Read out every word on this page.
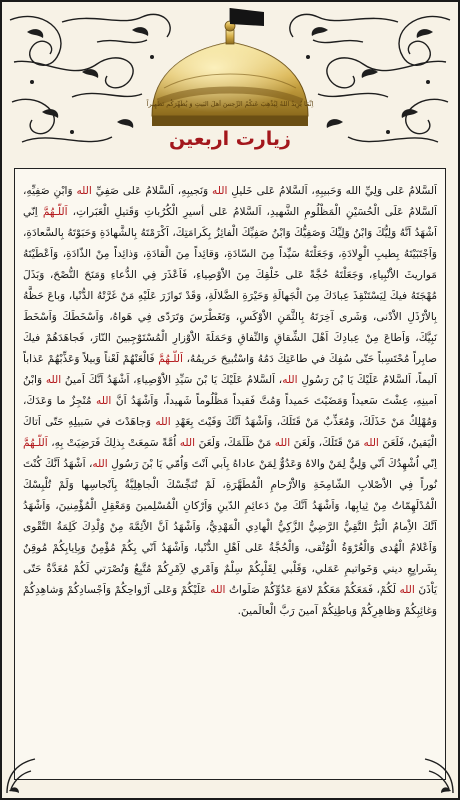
اِنَّمَا يُرِيدُ اللهُ لِيُذْهِبَ عَنكُمُ الرِّجسَ اَهلَ البَيتِ وَ يُطَهِّرَكُم تَطهِيراً
زيارت اربعين

اَلسَّلامُ عَلى وَلِيِّ الله وَحَبيبِهِ، اَلسَّلامُ عَلى خَليلِ الله وَنَجيبِهِ، اَلسَّلامُ عَلى صَفِيِّ الله وَابْنِ صَفِيِّهِ، اَلسَّلامُ عَلَى الْحُسَيْنِ الْمَظْلُومِ الشَّهيدِ، اَلسَّلامُ عَلى أسيرِ الْكُرُباتِ وَقَتيلِ الْعَبَراتِ، اَللّـهُمَّ اِنّي اَشْهَدُ اَنَّهُ وَلِيُّكَ وَابْنُ وَلِيِّكَ وَصَفِيُّكَ وَابْنُ صَفِيِّكَ الْفائِزُ بِكَرامَتِكَ، اَكْرَمْتَهُ بِالشَّهادَةِ وَحَبَوْتَهُ بِالسَّعادَةِ، وَاَجْتَبَيْتَهُ بِطيبِ الْوِلادَةِ، وَجَعَلْتَهُ سَيِّداً مِنَ السّادَةِ، وَقائِداً مِنَ الْقادَةِ، وَذائِداً مِنْ الذّادَةِ، وَاَعْطَيْتَهُ مَواريثَ الاَْنْبِياءِ، وَجَعَلْتَهُ حُجَّةً عَلى خَلْقِكَ مِنَ الاَْوْصِياءِ، فَاَعْذَرَ فِي الدُّعاءِ وَمَنَحَ النُّصْحَ، وَبَذَلَ مُهْجَتَهُ فيكَ لِيَسْتَنْقِذَ عِبادَكَ مِنَ الْجَهالَةِ وَحَيْرَةِ الضَّلالَةِ، وَقَدْ تَوازَرَ عَلَيْهِ مَنْ غَرَّتْهُ الدُّنْيا، وَباعَ حَظَّهُ بِالاَْرْذَلِ الاَْدْنى، وَشَرى آخِرَتَهُ بِالثَّمَنِ الاَْوْكَسِ، وَتَغَطْرَسَ وَتَرَدّى فِي هَواهُ، وَاَسْخَطَكَ وَاَسْخَطَ نَبِيَّكَ، وَاَطاعَ مِنْ عِبادِكَ اَهْلَ الشِّقاقِ وَالنِّفاقِ وَحَمَلَةَ الاَْوْزارِ الْمُسْتَوْجِبينَ النّارَ، فَجاهَدَهُمْ فيكَ صابِراً مُحْتَسِباً حَتّى سُفِكَ في طاعَتِكَ دَمُهُ وَاسْتُبيحَ حَريمُهُ، اَللّـهُمَّ فَالْعَنْهُمْ لَعْناً وَبيلاً وَعَذِّبْهُمْ عَذاباً اَليماً، اَلسَّلامُ عَلَيْكَ يَا بْنَ رَسُولِ الله، اَلسَّلامُ عَلَيْكَ يَا بْنَ سَيِّدِ الاَْوْصِياءِ، اَشْهَدُ اَنَّكَ اَمينُ الله وَابْنُ اَمينِهِ، عِشْتَ سَعيداً وَمَضَيْتَ حَميداً وَمُتَّ فَقيداً مَظْلُوماً شَهيداً، وَاَشْهَدُ اَنَّ الله مُنْجِزٌ ما وَعَدَكَ، وَمُهْلِكٌ مَنْ خَذَلَكَ، وَمُعَذِّبٌ مَنْ قَتَلَكَ، وَاَشْهَدُ اَنَّكَ وَفَيْتَ بِعَهْدِ الله وَجاهَدْتَ في سَبيلِهِ حَتّى اَتاكَ الْيَقينُ، فَلَعَنَ الله مَنْ قَتَلَكَ، وَلَعَنَ الله مَنْ ظَلَمَكَ، وَلَعَنَ الله اُمَّةً سَمِعَتْ بِذلِكَ فَرَضِيَتْ بِهِ، اَللّـهُمَّ اِنّي اُشْهِدُكَ اَنّي وَلِيٌّ لِمَنْ والاهُ وَعَدُوٌّ لِمَنْ عاداهُ بِاَبي اَنْتَ وَاُمّي يَا بْنَ رَسُولِ الله، اَشْهَدُ اَنَّكَ كُنْتَ نُوراً فِي الاَْصْلابِ الشّامِخَةِ وَالاَْرْحامِ الْمُطَهَّرَةِ، لَمْ تُنَجِّسْكَ الْجاهِلِيَّةُ بِاَنْجاسِها وَلَمْ تُلْبِسْكَ الْمُدْلَهِمّاتُ مِنْ ثِيابِها، وَاَشْهَدُ اَنَّكَ مِنْ دَعائِمِ الدّينِ وَاَرْكانِ الْمُسْلِمينَ وَمَعْقِلِ الْمُؤْمِنينَ، وَاَشْهَدُ اَنَّكَ الاِْمامُ الْبَرُّ التَّقِيُّ الرَّضِيُّ الزَّكِيُّ الْهادِي الْمَهْدِيُّ، وَاَشْهَدُ اَنَّ الاَْئِمَّةَ مِنْ وُلْدِكَ كَلِمَةُ التَّقْوى وَاَعْلامُ الْهُدى وَالْعُرْوَةُ الْوُثْقى، وَالْحُجَّةُ عَلى اَهْلِ الدُّنْيا، وَاَشْهَدُ اَنّي بِكُمْ مُؤْمِنٌ وَبِاِيابِكُمْ مُوقِنٌ بِشَرايِعِ ديني وَخَواتيمِ عَمَلي، وَقَلْبي لِقَلْبِكُمْ سِلْمٌ وَاَمْري لاَِمْرِكُمْ مُتَّبِعٌ وَنُصْرَتي لَكُمْ مُعَدَّةٌ حَتّى يَاْذَنَ الله لَكُمْ، فَمَعَكُمْ مَعَكُمْ لامَعَ عَدُوِّكُمْ صَلَواتُ الله عَلَيْكُمْ وَعَلى اَرْواحِكُمْ وَاَجْسادِكُمْ وَشاهِدِكُمْ وَغائِبِكُمْ وَظاهِرِكُمْ وَباطِنِكُمْ آمينَ رَبَّ الْعالَمينَ.
